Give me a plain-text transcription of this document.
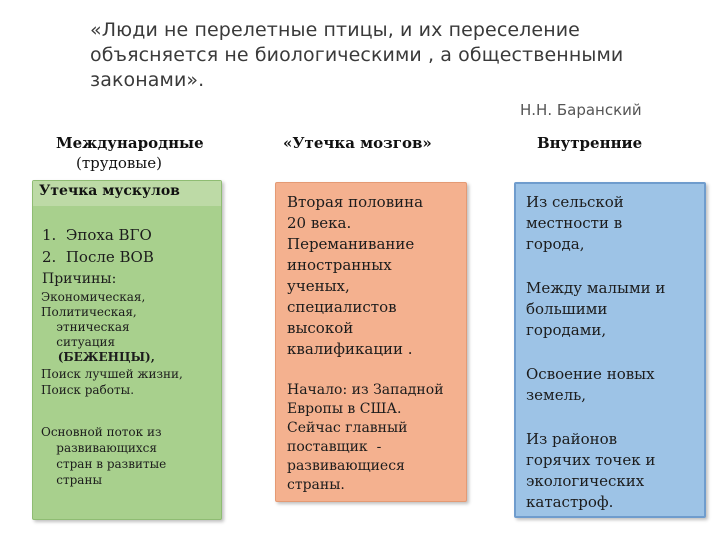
«Люди не перелетные птицы, и их переселение
объясняется не биологическими , а общественными
законами».
Н.Н. Баранский
Международные
(трудовые)
«Утечка мозгов»	Внутренние
Утечка мускулов
1.  Эпоха ВГО
2.  После ВОВ
Причины:
Экономическая,
Политическая,
этническая
ситуация
(БЕЖЕНЦЫ),
Поиск лучшей жизни,
Поиск работы.
Основной поток из
развивающихся
стран в развитые
страны
Вторая половина
20 века.
Переманивание
иностранных
ученых,
специалистов
высокой
квалификации .
Начало: из Западной
Европы в США.
Сейчас главный
поставщик  -
развивающиеся
страны.
Из сельской
местности в
города,
Между малыми и
большими
городами,
Освоение новых
земель,
Из районов
горячих точек и
экологических
катастроф.
